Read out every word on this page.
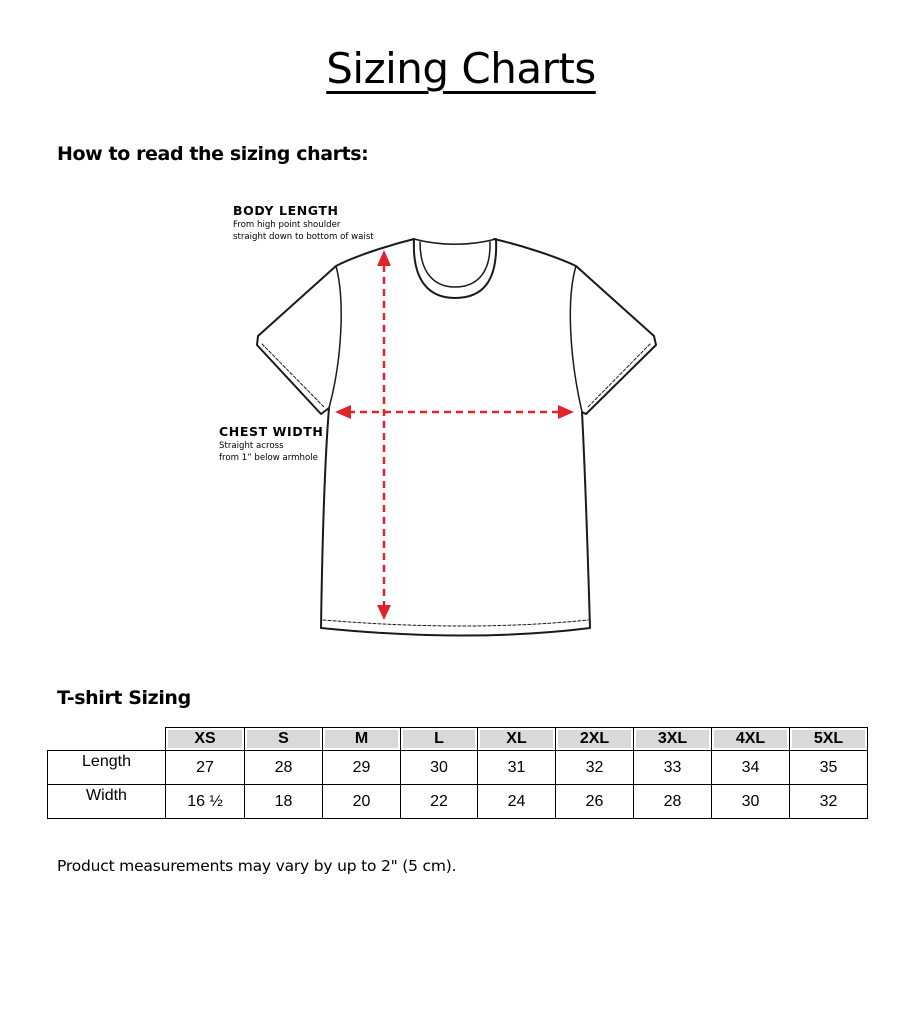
Sizing Charts
How to read the sizing charts:
BODY LENGTH
From high point shoulder
straight down to bottom of waist
CHEST WIDTH
Straight across
from 1” below armhole
T-shirt Sizing
	XS	S	M	L	XL	2XL	3XL	4XL	5XL
Length	27	28	29	30	31	32	33	34	35
Width	16 ½	18	20	22	24	26	28	30	32
Product measurements may vary by up to 2" (5 cm).
